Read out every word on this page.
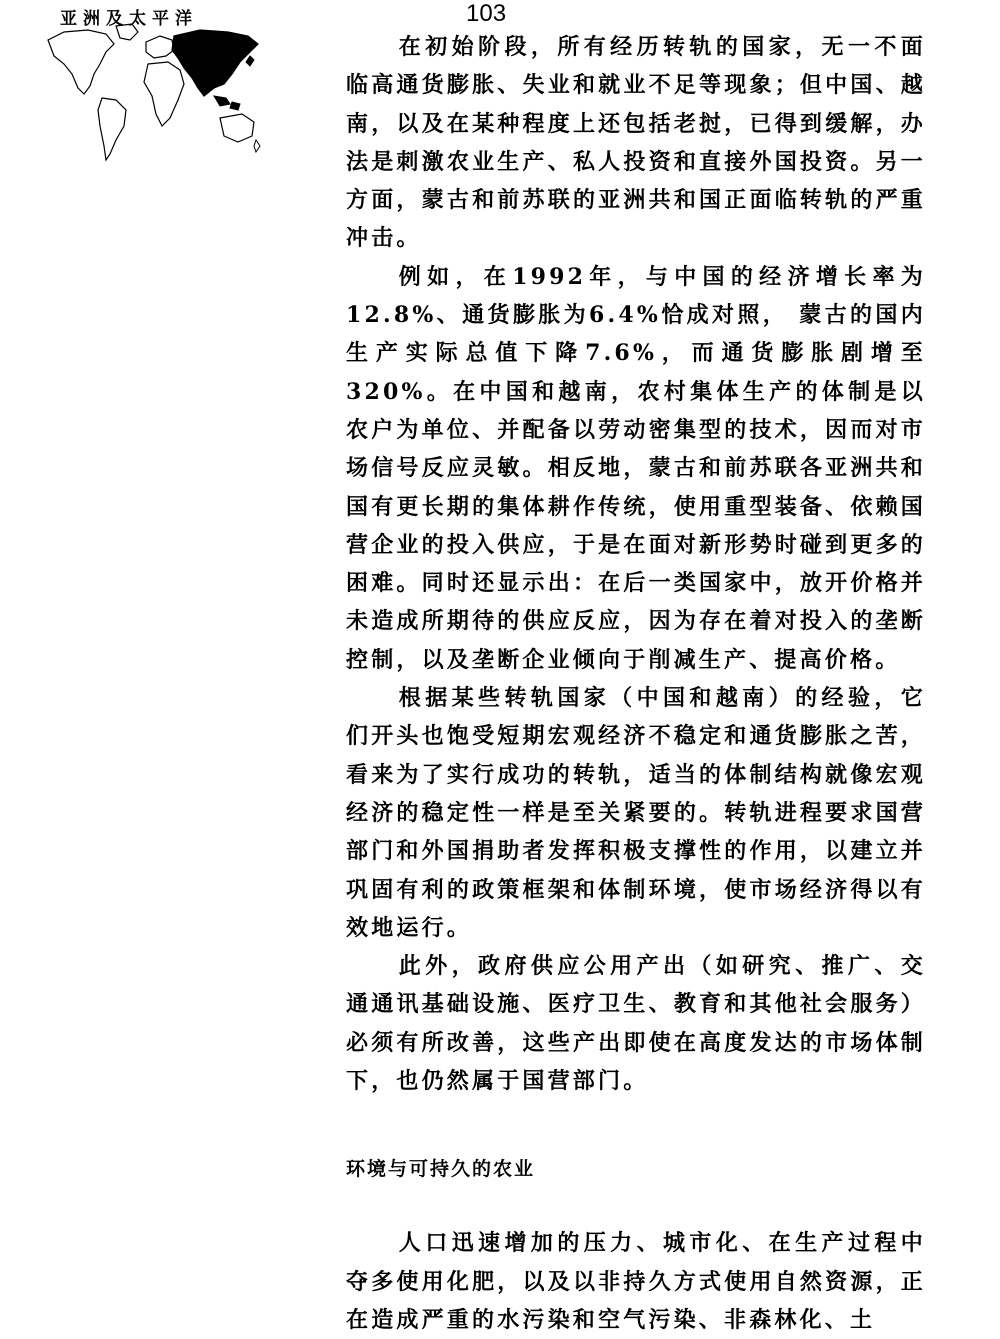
亚洲及太平洋	103

在初始阶段，所有经历转轨的国家，无一不面临高通货膨胀、失业和就业不足等现象；但中国、越南，以及在某种程度上还包括老挝，已得到缓解，办法是刺激农业生产、私人投资和直接外国投资。另一方面，蒙古和前苏联的亚洲共和国正面临转轨的严重冲击。

例如，在1992年，与中国的经济增长率为12.8%、通货膨胀为6.4%恰成对照， 蒙古的国内生产实际总值下降7.6%，而通货膨胀剧增至320%。在中国和越南，农村集体生产的体制是以农户为单位、并配备以劳动密集型的技术，因而对市场信号反应灵敏。相反地，蒙古和前苏联各亚洲共和国有更长期的集体耕作传统，使用重型装备、依赖国营企业的投入供应，于是在面对新形势时碰到更多的困难。同时还显示出：在后一类国家中，放开价格并未造成所期待的供应反应，因为存在着对投入的垄断控制，以及垄断企业倾向于削减生产、提高价格。

根据某些转轨国家（中国和越南）的经验，它们开头也饱受短期宏观经济不稳定和通货膨胀之苦，看来为了实行成功的转轨，适当的体制结构就像宏观经济的稳定性一样是至关紧要的。转轨进程要求国营部门和外国捐助者发挥积极支撑性的作用，以建立并巩固有利的政策框架和体制环境，使市场经济得以有效地运行。

此外，政府供应公用产出（如研究、推广、交通通讯基础设施、医疗卫生、教育和其他社会服务）必须有所改善，这些产出即使在高度发达的市场体制下，也仍然属于国营部门。

环境与可持久的农业

人口迅速增加的压力、城市化、在生产过程中夺多使用化肥，以及以非持久方式使用自然资源，正在造成严重的水污染和空气污染、非森林化、土
